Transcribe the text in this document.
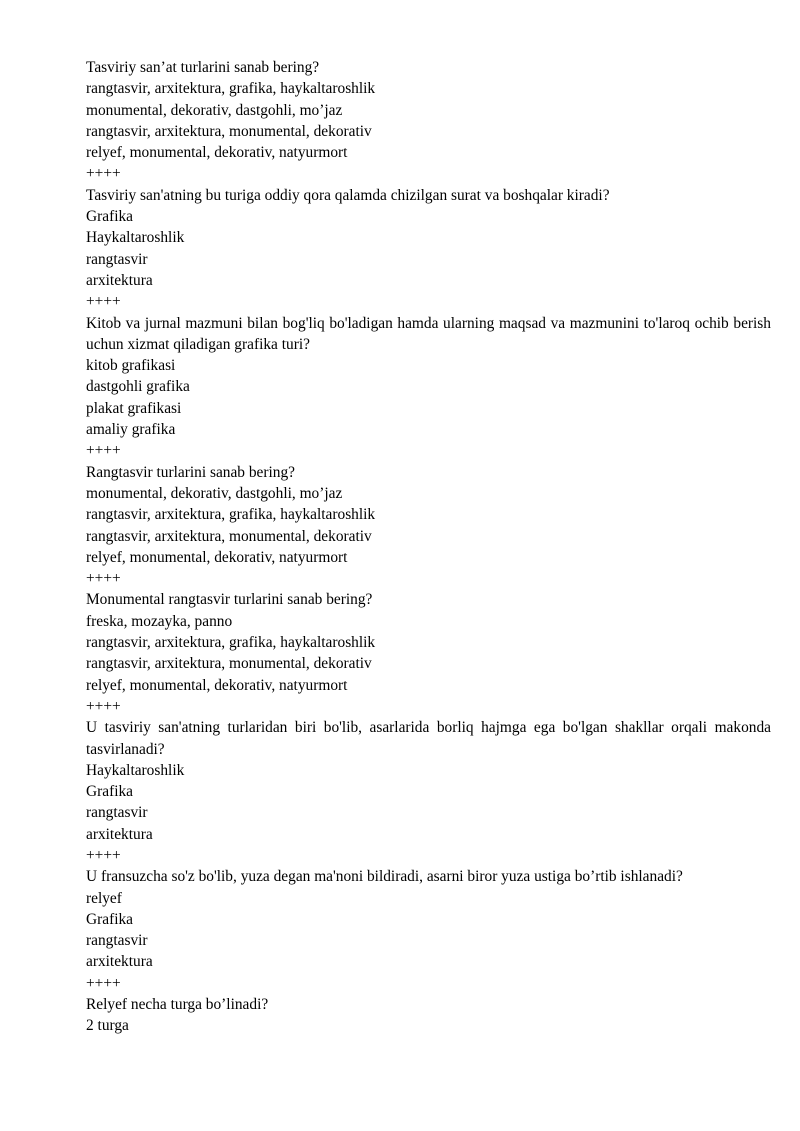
Tasviriy san’at turlarini sanab bering?
rangtasvir, arxitektura, grafika, haykaltaroshlik
monumental, dekorativ, dastgohli, mo’jaz
rangtasvir, arxitektura, monumental, dekorativ
relyef, monumental, dekorativ, natyurmort
++++
Tasviriy san'atning bu turiga oddiy qora qalamda chizilgan surat va boshqalar kiradi?
Grafika
Haykaltaroshlik
rangtasvir
arxitektura
++++
Kitob va jurnal mazmuni bilan bog'liq bo'ladigan hamda ularning maqsad va mazmunini to'laroq ochib berish uchun xizmat qiladigan grafika turi?
kitob grafikasi
dastgohli grafika
plakat grafikasi
amaliy grafika
++++
Rangtasvir turlarini sanab bering?
monumental, dekorativ, dastgohli, mo’jaz
rangtasvir, arxitektura, grafika, haykaltaroshlik
rangtasvir, arxitektura, monumental, dekorativ
relyef, monumental, dekorativ, natyurmort
++++
Monumental rangtasvir turlarini sanab bering?
freska, mozayka, panno
rangtasvir, arxitektura, grafika, haykaltaroshlik
rangtasvir, arxitektura, monumental, dekorativ
relyef, monumental, dekorativ, natyurmort
++++
U tasviriy san'atning turlaridan biri bo'lib, asarlarida borliq hajmga ega bo'lgan shakllar orqali makonda tasvirlanadi?
Haykaltaroshlik
Grafika
rangtasvir
arxitektura
++++
U fransuzcha so'z bo'lib, yuza degan ma'noni bildiradi, asarni biror yuza ustiga bo’rtib ishlanadi?
relyef
Grafika
rangtasvir
arxitektura
++++
Relyef necha turga bo’linadi?
2 turga
